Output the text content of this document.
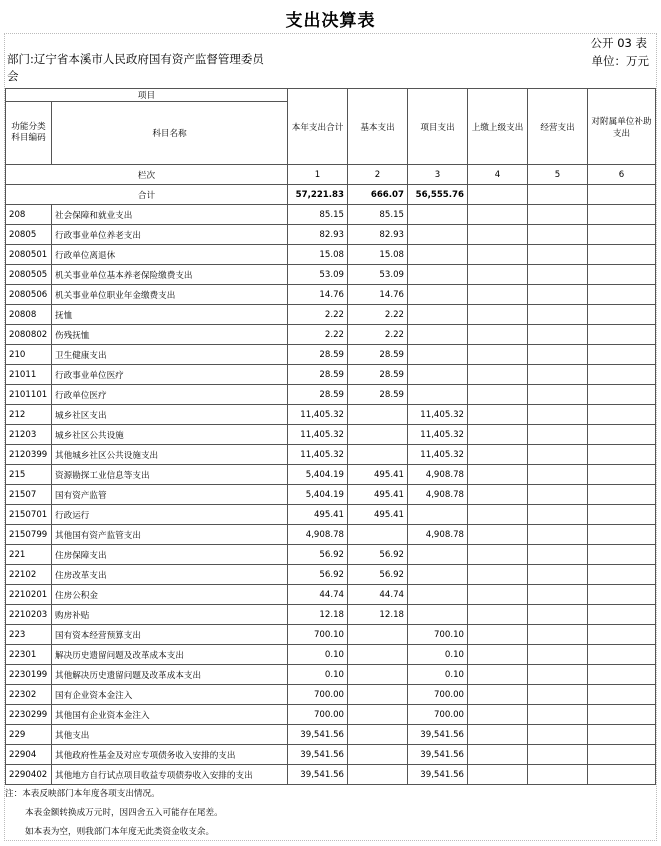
支出决算表
公开 03 表
部门:辽宁省本溪市人民政府国有资产监督管理委员会
单位：万元
项目		本年支出合计	基本支出	项目支出	上缴上级支出	经营支出	对附属单位补助支出
功能分类科目编码	科目名称						
栏次		1	2	3	4	5	6
合计		57,221.83	666.07	56,555.76			
208	社会保障和就业支出	85.15	85.15				
20805	行政事业单位养老支出	82.93	82.93				
2080501	行政单位离退休	15.08	15.08				
2080505	机关事业单位基本养老保险缴费支出	53.09	53.09				
2080506	机关事业单位职业年金缴费支出	14.76	14.76				
20808	抚恤	2.22	2.22				
2080802	伤残抚恤	2.22	2.22				
210	卫生健康支出	28.59	28.59				
21011	行政事业单位医疗	28.59	28.59				
2101101	行政单位医疗	28.59	28.59				
212	城乡社区支出	11,405.32		11,405.32			
21203	城乡社区公共设施	11,405.32		11,405.32			
2120399	其他城乡社区公共设施支出	11,405.32		11,405.32			
215	资源勘探工业信息等支出	5,404.19	495.41	4,908.78			
21507	国有资产监管	5,404.19	495.41	4,908.78			
2150701	行政运行	495.41	495.41				
2150799	其他国有资产监管支出	4,908.78		4,908.78			
221	住房保障支出	56.92	56.92				
22102	住房改革支出	56.92	56.92				
2210201	住房公积金	44.74	44.74				
2210203	购房补贴	12.18	12.18				
223	国有资本经营预算支出	700.10		700.10			
22301	解决历史遗留问题及改革成本支出	0.10		0.10			
2230199	其他解决历史遗留问题及改革成本支出	0.10		0.10			
22302	国有企业资本金注入	700.00		700.00			
2230299	其他国有企业资本金注入	700.00		700.00			
229	其他支出	39,541.56		39,541.56			
22904	其他政府性基金及对应专项债务收入安排的支出	39,541.56		39,541.56			
2290402	其他地方自行试点项目收益专项债券收入安排的支出	39,541.56		39,541.56			
注：本表反映部门本年度各项支出情况。
本表金额转换成万元时，因四舍五入可能存在尾差。
如本表为空，则我部门本年度无此类资金收支余。
